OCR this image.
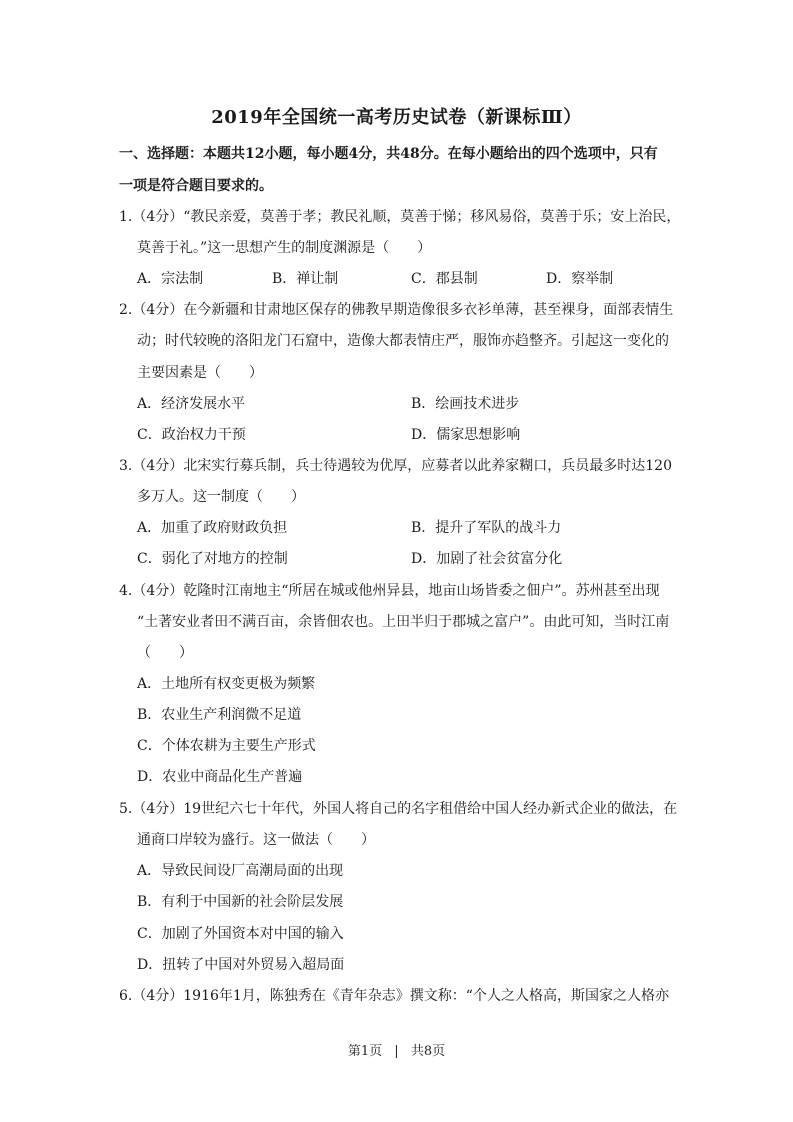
2019年全国统一高考历史试卷（新课标Ⅲ）
一、选择题：本题共12小题，每小题4分，共48分。在每小题给出的四个选项中，只有
一项是符合题目要求的。
1.（4分）“教民亲爱，莫善于孝；教民礼顺，莫善于悌；移风易俗，莫善于乐；安上治民，
莫善于礼。”这一思想产生的制度渊源是（　　）
A．宗法制	B．禅让制	C．郡县制	D．察举制
2.（4分）在今新疆和甘肃地区保存的佛教早期造像很多衣衫单薄，甚至裸身，面部表情生
动；时代较晚的洛阳龙门石窟中，造像大都表情庄严，服饰亦趋整齐。引起这一变化的
主要因素是（　　）
A．经济发展水平	B．绘画技术进步
C．政治权力干预	D．儒家思想影响
3.（4分）北宋实行募兵制，兵士待遇较为优厚，应募者以此养家糊口，兵员最多时达120
多万人。这一制度（　　）
A．加重了政府财政负担	B．提升了军队的战斗力
C．弱化了对地方的控制	D．加剧了社会贫富分化
4.（4分）乾隆时江南地主“所居在城或他州异县，地亩山场皆委之佃户”。苏州甚至出现
“土著安业者田不满百亩，余皆佃农也。上田半归于郡城之富户”。由此可知，当时江南
（　　）
A．土地所有权变更极为频繁
B．农业生产利润微不足道
C．个体农耕为主要生产形式
D．农业中商品化生产普遍
5.（4分）19世纪六七十年代，外国人将自己的名字租借给中国人经办新式企业的做法，在
通商口岸较为盛行。这一做法（　　）
A．导致民间设厂高潮局面的出现
B．有利于中国新的社会阶层发展
C．加剧了外国资本对中国的输入
D．扭转了中国对外贸易入超局面
6.（4分）1916年1月，陈独秀在《青年杂志》撰文称：“个人之人格高，斯国家之人格亦
第1页 | 共8页
